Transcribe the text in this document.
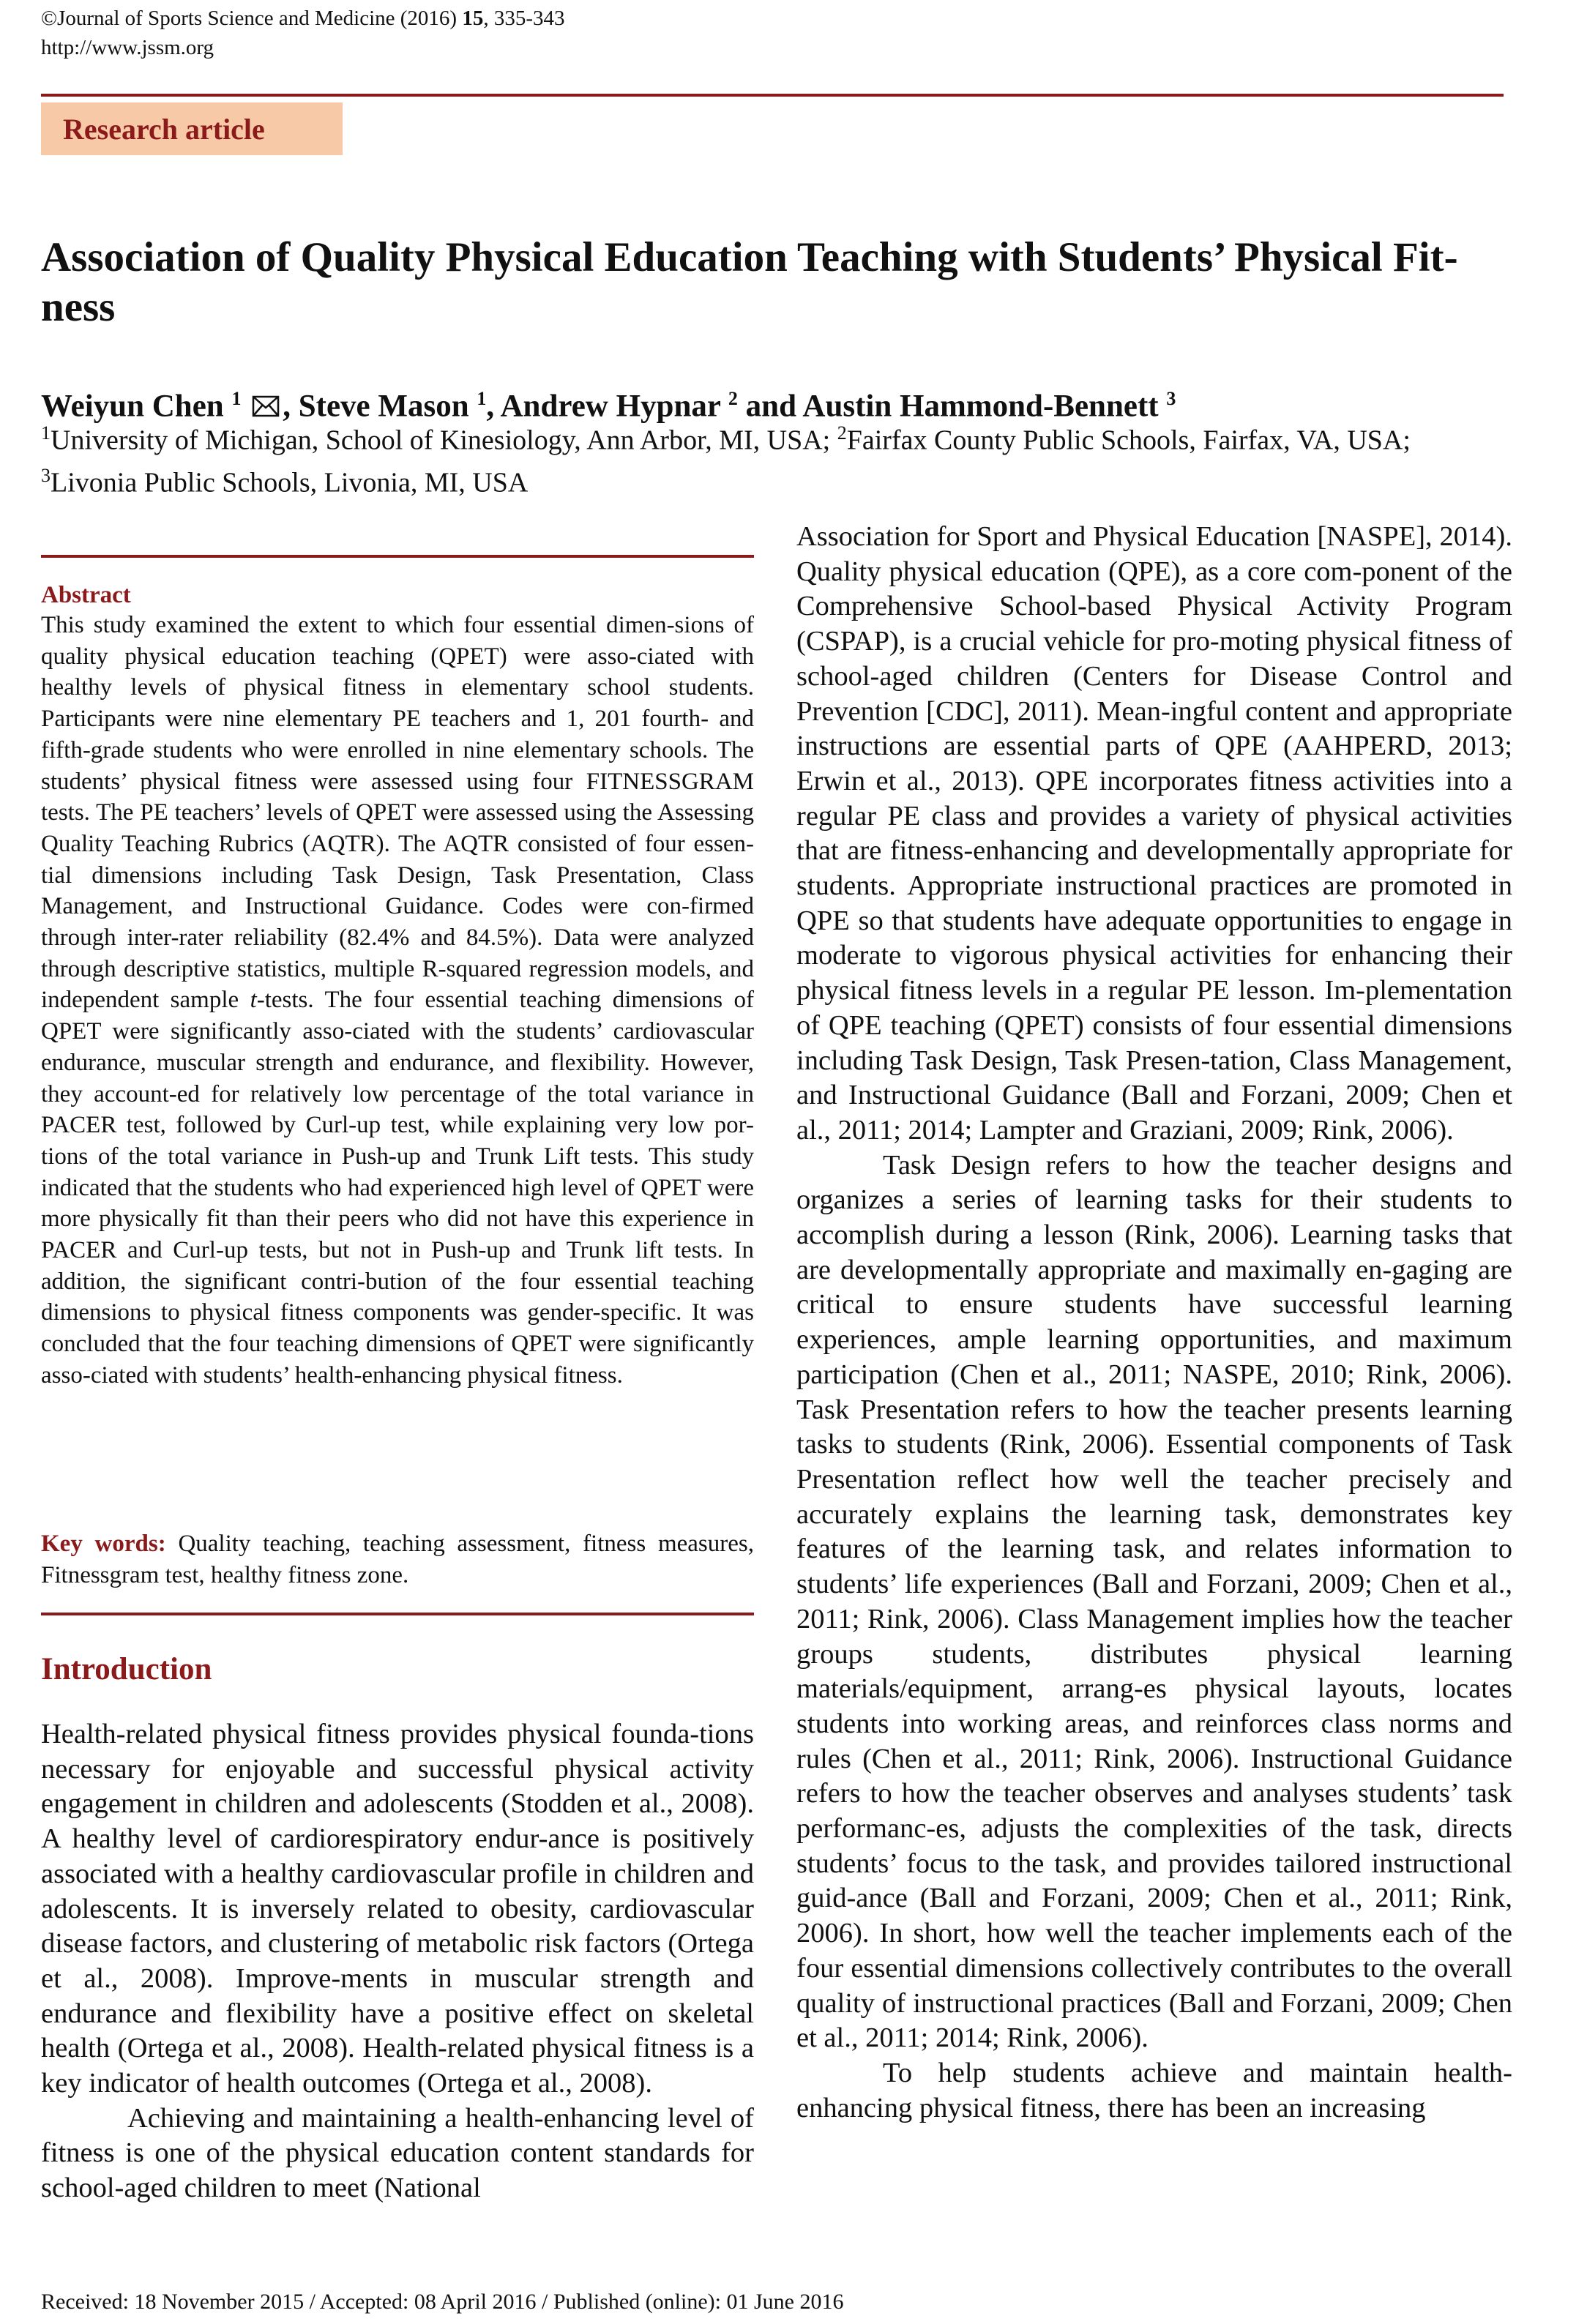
©Journal of Sports Science and Medicine (2016) 15, 335-343
http://www.jssm.org
Research article
Association of Quality Physical Education Teaching with Students’ Physical Fit-ness
Weiyun Chen $^1$ , Steve Mason $^1$, Andrew Hypnar $^2$ and Austin Hammond-Bennett $^3$
$^1$University of Michigan, School of Kinesiology, Ann Arbor, MI, USA; $^2$Fairfax County Public Schools, Fairfax, VA, USA; $^3$Livonia Public Schools, Livonia, MI, USA
Abstract
This study examined the extent to which four essential dimen-sions of quality physical education teaching (QPET) were asso-ciated with healthy levels of physical fitness in elementary school students. Participants were nine elementary PE teachers and 1, 201 fourth- and fifth-grade students who were enrolled in nine elementary schools. The students’ physical fitness were assessed using four FITNESSGRAM tests. The PE teachers’ levels of QPET were assessed using the Assessing Quality Teaching Rubrics (AQTR). The AQTR consisted of four essen-tial dimensions including Task Design, Task Presentation, Class Management, and Instructional Guidance. Codes were con-firmed through inter-rater reliability (82.4% and 84.5%). Data were analyzed through descriptive statistics, multiple R-squared regression models, and independent sample t-tests. The four essential teaching dimensions of QPET were significantly asso-ciated with the students’ cardiovascular endurance, muscular strength and endurance, and flexibility. However, they account-ed for relatively low percentage of the total variance in PACER test, followed by Curl-up test, while explaining very low por-tions of the total variance in Push-up and Trunk Lift tests. This study indicated that the students who had experienced high level of QPET were more physically fit than their peers who did not have this experience in PACER and Curl-up tests, but not in Push-up and Trunk lift tests. In addition, the significant contri-bution of the four essential teaching dimensions to physical fitness components was gender-specific. It was concluded that the four teaching dimensions of QPET were significantly asso-ciated with students’ health-enhancing physical fitness.
Key words: Quality teaching, teaching assessment, fitness measures, Fitnessgram test, healthy fitness zone.
Introduction

Health-related physical fitness provides physical founda-tions necessary for enjoyable and successful physical activity engagement in children and adolescents (Stodden et al., 2008). A healthy level of cardiorespiratory endur-ance is positively associated with a healthy cardiovascular profile in children and adolescents. It is inversely related to obesity, cardiovascular disease factors, and clustering of metabolic risk factors (Ortega et al., 2008). Improve-ments in muscular strength and endurance and flexibility have a positive effect on skeletal health (Ortega et al., 2008). Health-related physical fitness is a key indicator of health outcomes (Ortega et al., 2008).

Achieving and maintaining a health-enhancing level of fitness is one of the physical education content standards for school-aged children to meet (National

Association for Sport and Physical Education [NASPE], 2014). Quality physical education (QPE), as a core com-ponent of the Comprehensive School-based Physical Activity Program (CSPAP), is a crucial vehicle for pro-moting physical fitness of school-aged children (Centers for Disease Control and Prevention [CDC], 2011). Mean-ingful content and appropriate instructions are essential parts of QPE (AAHPERD, 2013; Erwin et al., 2013). QPE incorporates fitness activities into a regular PE class and provides a variety of physical activities that are fitness-enhancing and developmentally appropriate for students. Appropriate instructional practices are promoted in QPE so that students have adequate opportunities to engage in moderate to vigorous physical activities for enhancing their physical fitness levels in a regular PE lesson. Im-plementation of QPE teaching (QPET) consists of four essential dimensions including Task Design, Task Presen-tation, Class Management, and Instructional Guidance (Ball and Forzani, 2009; Chen et al., 2011; 2014; Lampter and Graziani, 2009; Rink, 2006).

Task Design refers to how the teacher designs and organizes a series of learning tasks for their students to accomplish during a lesson (Rink, 2006). Learning tasks that are developmentally appropriate and maximally en-gaging are critical to ensure students have successful learning experiences, ample learning opportunities, and maximum participation (Chen et al., 2011; NASPE, 2010; Rink, 2006). Task Presentation refers to how the teacher presents learning tasks to students (Rink, 2006). Essential components of Task Presentation reflect how well the teacher precisely and accurately explains the learning task, demonstrates key features of the learning task, and relates information to students’ life experiences (Ball and Forzani, 2009; Chen et al., 2011; Rink, 2006). Class Management implies how the teacher groups students, distributes physical learning materials/equipment, arrang-es physical layouts, locates students into working areas, and reinforces class norms and rules (Chen et al., 2011; Rink, 2006). Instructional Guidance refers to how the teacher observes and analyses students’ task performanc-es, adjusts the complexities of the task, directs students’ focus to the task, and provides tailored instructional guid-ance (Ball and Forzani, 2009; Chen et al., 2011; Rink, 2006). In short, how well the teacher implements each of the four essential dimensions collectively contributes to the overall quality of instructional practices (Ball and Forzani, 2009; Chen et al., 2011; 2014; Rink, 2006).

To help students achieve and maintain health-enhancing physical fitness, there has been an increasing

Received: 18 November 2015 / Accepted: 08 April 2016 / Published (online): 01 June 2016
